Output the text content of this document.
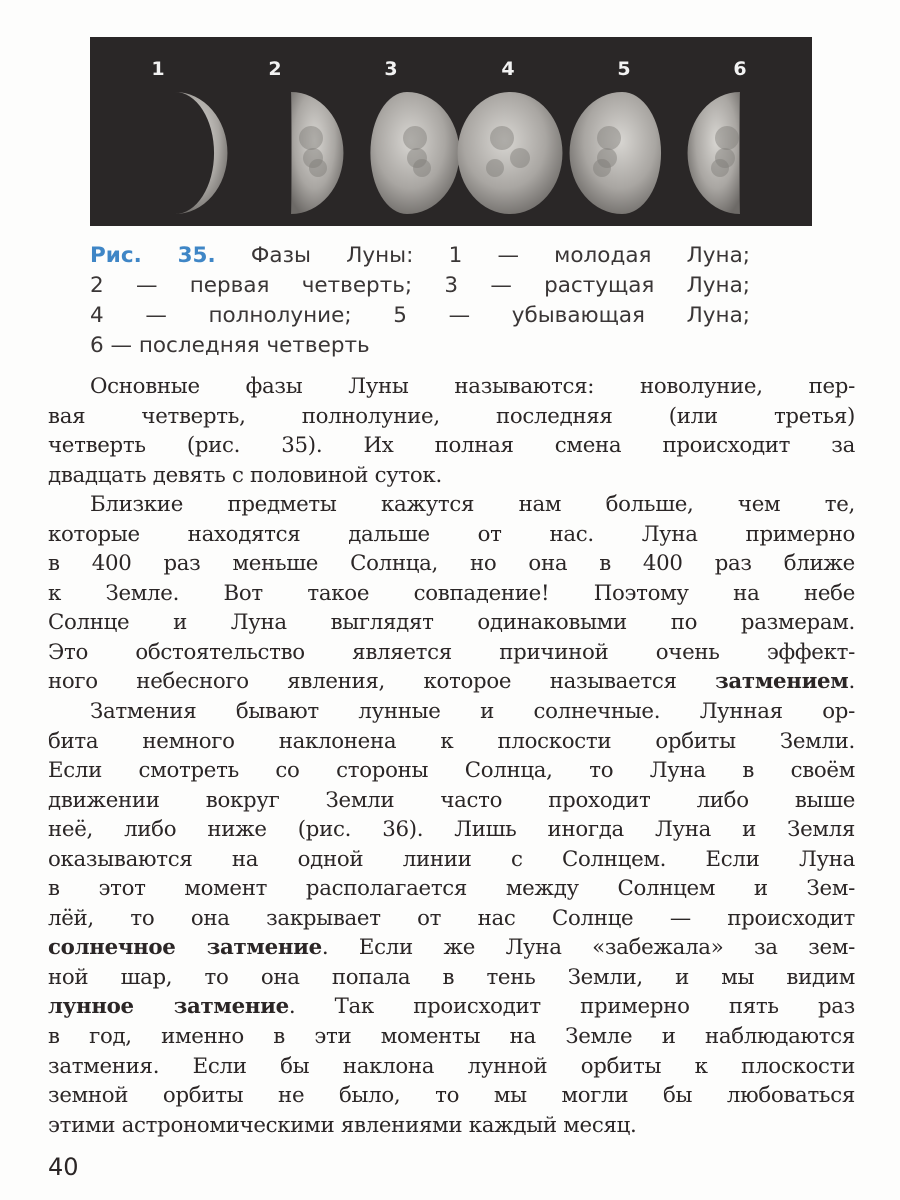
1	2	3	4	5	6
Рис. 35. Фазы Луны: 1 — молодая Луна;
2 — первая четверть; 3 — растущая Луна;
4 — полнолуние; 5 — убывающая Луна;
6 — последняя четверть
Основные фазы Луны называются: новолуние, пер-
вая четверть, полнолуние, последняя (или третья)
четверть (рис. 35). Их полная смена происходит за
двадцать девять с половиной суток.
Близкие предметы кажутся нам больше, чем те,
которые находятся дальше от нас. Луна примерно
в 400 раз меньше Солнца, но она в 400 раз ближе
к Земле. Вот такое совпадение! Поэтому на небе
Солнце и Луна выглядят одинаковыми по размерам.
Это обстоятельство является причиной очень эффект-
ного небесного явления, которое называется затмением.
Затмения бывают лунные и солнечные. Лунная ор-
бита немного наклонена к плоскости орбиты Земли.
Если смотреть со стороны Солнца, то Луна в своём
движении вокруг Земли часто проходит либо выше
неё, либо ниже (рис. 36). Лишь иногда Луна и Земля
оказываются на одной линии с Солнцем. Если Луна
в этот момент располагается между Солнцем и Зем-
лёй, то она закрывает от нас Солнце — происходит
солнечное затмение. Если же Луна «забежала» за зем-
ной шар, то она попала в тень Земли, и мы видим
лунное затмение. Так происходит примерно пять раз
в год, именно в эти моменты на Земле и наблюдаются
затмения. Если бы наклона лунной орбиты к плоскости
земной орбиты не было, то мы могли бы любоваться
этими астрономическими явлениями каждый месяц.
40
